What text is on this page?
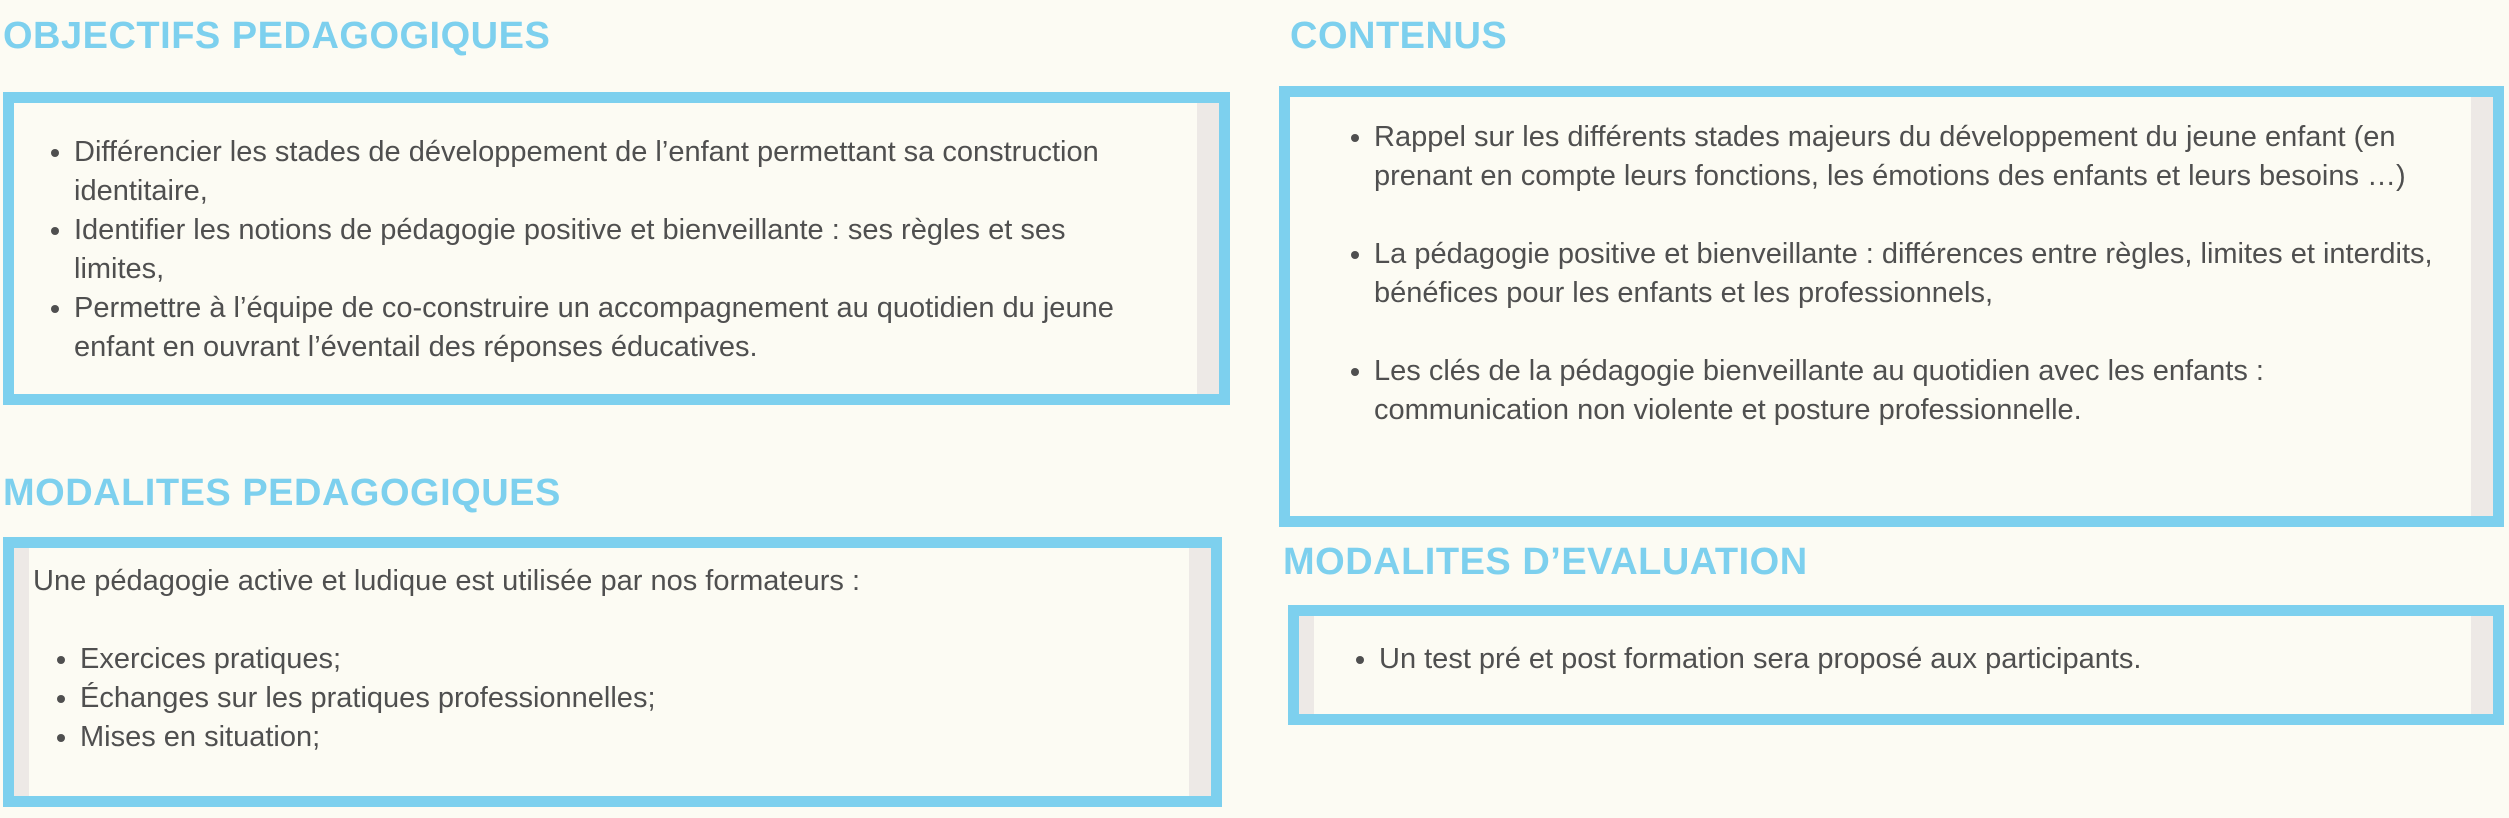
OBJECTIFS PEDAGOGIQUES
• Différencier les stades de développement de l’enfant permettant sa construction identitaire,
• Identifier les notions de pédagogie positive et bienveillante : ses règles et ses limites,
• Permettre à l’équipe de co-construire un accompagnement au quotidien du jeune enfant en ouvrant l’éventail des réponses éducatives.
MODALITES PEDAGOGIQUES

Une pédagogie active et ludique est utilisée par nos formateurs :

• Exercices pratiques;
• Échanges sur les pratiques professionnelles;
• Mises en situation;
CONTENUS
• Rappel sur les différents stades majeurs du développement du jeune enfant (en prenant en compte leurs fonctions, les émotions des enfants et leurs besoins …)
• La pédagogie positive et bienveillante : différences entre règles, limites et interdits, bénéfices pour les enfants et les professionnels,
• Les clés de la pédagogie bienveillante au quotidien avec les enfants : communication non violente et posture professionnelle.
MODALITES D’EVALUATION
• Un test pré et post formation sera proposé aux participants.
